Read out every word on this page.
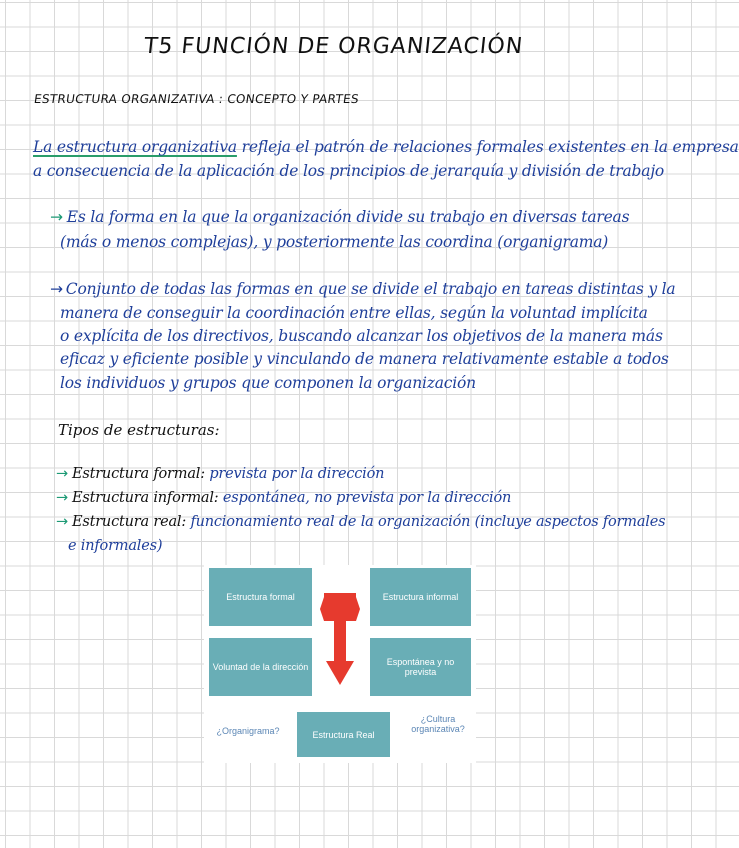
T5 FUNCIÓN DE ORGANIZACIÓN
ESTRUCTURA ORGANIZATIVA : CONCEPTO Y PARTES
La estructura organizativa refleja el patrón de relaciones formales existentes en la empresa
a consecuencia de la aplicación de los principios de jerarquía y división de trabajo
→ Es la forma en la que la organización divide su trabajo en diversas tareas
(más o menos complejas), y posteriormente las coordina (organigrama)
→ Conjunto de todas las formas en que se divide el trabajo en tareas distintas y la
manera de conseguir la coordinación entre ellas, según la voluntad implícita
o explícita de los directivos, buscando alcanzar los objetivos de la manera más
eficaz y eficiente posible y vinculando de manera relativamente estable a todos
los individuos y grupos que componen la organización
Tipos de estructuras:
→ Estructura formal: prevista por la dirección
→ Estructura informal: espontánea, no prevista por la dirección
→ Estructura real: funcionamiento real de la organización (incluye aspectos formales
e informales)
Estructura formal	Estructura informal
Voluntad de la dirección	Espontánea y no prevista
Estructura Real
¿Organigrama?
¿Cultura
organizativa?
